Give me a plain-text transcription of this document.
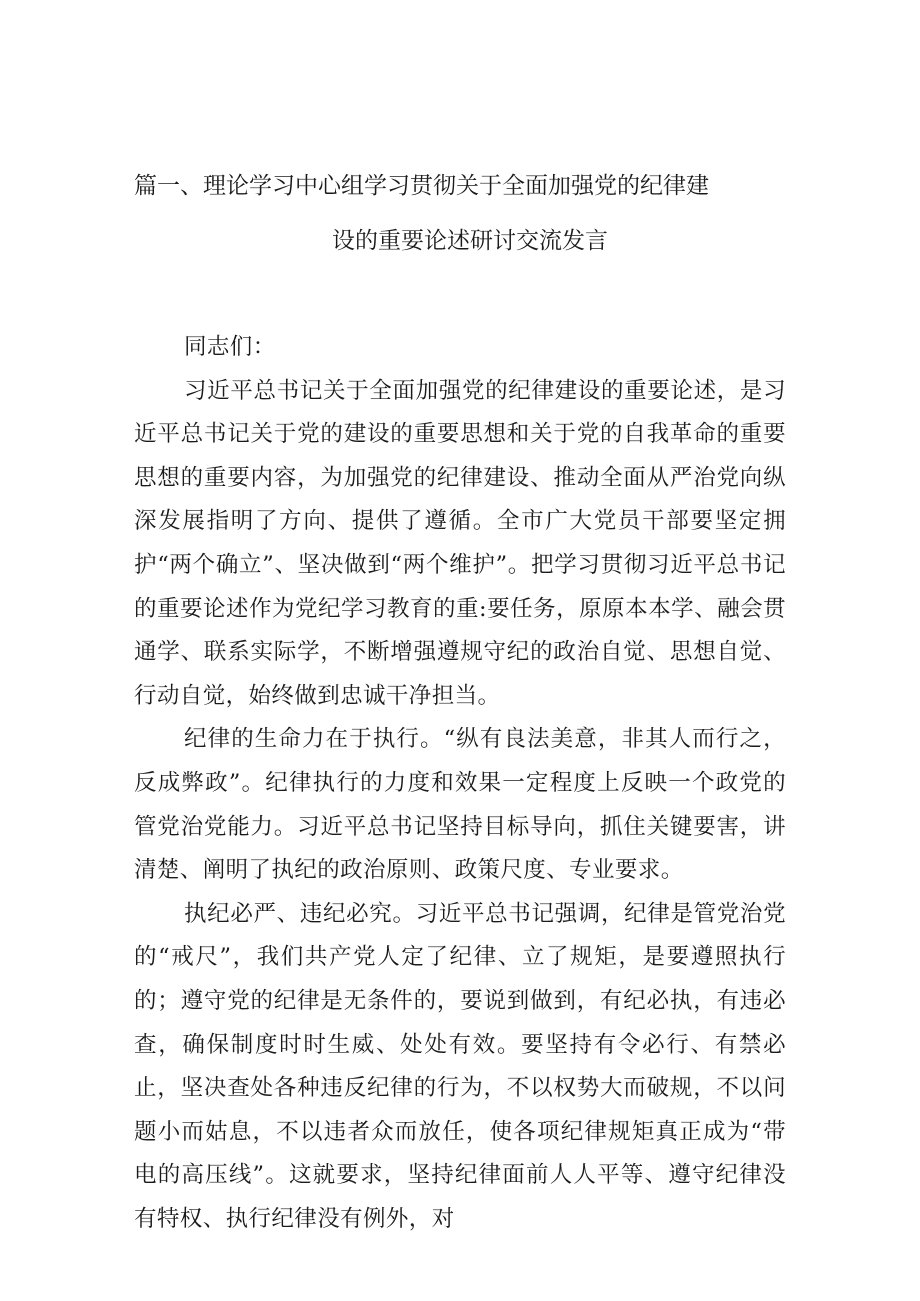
篇一、理论学习中心组学习贯彻关于全面加强党的纪律建
设的重要论述研讨交流发言

同志们：

习近平总书记关于全面加强党的纪律建设的重要论述，是习近平总书记关于党的建设的重要思想和关于党的自我革命的重要思想的重要内容，为加强党的纪律建设、推动全面从严治党向纵深发展指明了方向、提供了遵循。全市广大党员干部要坚定拥护“两个确立”、坚决做到“两个维护”。把学习贯彻习近平总书记的重要论述作为党纪学习教育的重:要任务，原原本本学、融会贯通学、联系实际学，不断增强遵规守纪的政治自觉、思想自觉、行动自觉，始终做到忠诚干净担当。

纪律的生命力在于执行。“纵有良法美意，非其人而行之，反成弊政”。纪律执行的力度和效果一定程度上反映一个政党的管党治党能力。习近平总书记坚持目标导向，抓住关键要害，讲清楚、阐明了执纪的政治原则、政策尺度、专业要求。

执纪必严、违纪必究。习近平总书记强调，纪律是管党治党的“戒尺”，我们共产党人定了纪律、立了规矩，是要遵照执行的；遵守党的纪律是无条件的，要说到做到，有纪必执，有违必查，确保制度时时生威、处处有效。要坚持有令必行、有禁必止，坚决查处各种违反纪律的行为，不以权势大而破规，不以问题小而姑息，不以违者众而放任，使各项纪律规矩真正成为“带电的高压线”。这就要求，坚持纪律面前人人平等、遵守纪律没有特权、执行纪律没有例外，对
